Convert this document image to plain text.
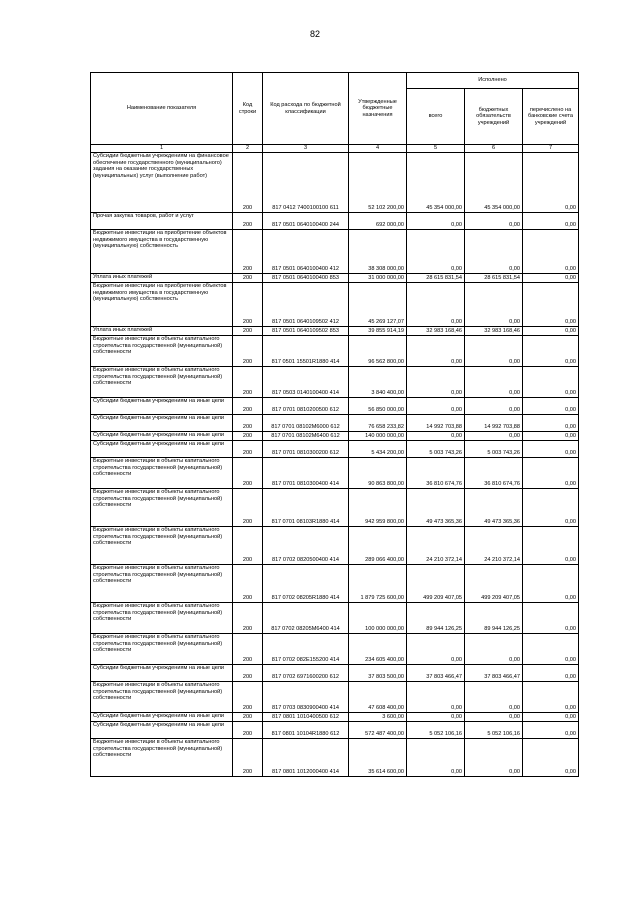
82
Наименование показателя	Код строки	Код расхода по бюджетной классификации	Утвержденные бюджетные назначения	Исполнено		
				всего	бюджетных обязательств учреждений	перечислено на банковские счета учреждений
1	2	3	4	5	6	7
Субсидии бюджетным учреждениям на финансовое обеспечение государственного (муниципального) задания на оказание государственных (муниципальных) услуг (выполнение работ)	200	817 0412 7400100100 611	52 102 200,00	45 354 000,00	45 354 000,00	0,00
Прочая закупка товаров, работ и услуг	200	817 0501 0640100400 244	692 000,00	0,00	0,00	0,00
Бюджетные инвестиции на приобретение объектов недвижимого имущества в государственную (муниципальную) собственность	200	817 0501 0640100400 412	38 308 000,00	0,00	0,00	0,00
Уплата иных платежей	200	817 0501 0640100400 853	31 000 000,00	28 615 831,54	28 615 831,54	0,00
Бюджетные инвестиции на приобретение объектов недвижимого имущества в государственную (муниципальную) собственность	200	817 0501 0640109502 412	45 269 127,07	0,00	0,00	0,00
Уплата иных платежей	200	817 0501 0640109502 853	39 855 914,19	32 983 168,46	32 983 168,46	0,00
Бюджетные инвестиции в объекты капитального строительства государственной (муниципальной) собственности	200	817 0501 15501R1880 414	96 562 800,00	0,00	0,00	0,00
Бюджетные инвестиции в объекты капитального строительства государственной (муниципальной) собственности	200	817 0503 0140100400 414	3 840 400,00	0,00	0,00	0,00
Субсидии бюджетным учреждениям на иные цели	200	817 0701 0810200500 612	56 850 000,00	0,00	0,00	0,00
Субсидии бюджетным учреждениям на иные цели	200	817 0701 08102M6000 612	76 658 233,82	14 992 703,88	14 992 703,88	0,00
Субсидии бюджетным учреждениям на иные цели	200	817 0701 08102M6400 612	140 000 000,00	0,00	0,00	0,00
Субсидии бюджетным учреждениям на иные цели	200	817 0701 0810300200 612	5 434 200,00	5 003 743,26	5 003 743,26	0,00
Бюджетные инвестиции в объекты капитального строительства государственной (муниципальной) собственности	200	817 0701 0810300400 414	90 863 800,00	36 810 674,76	36 810 674,76	0,00
Бюджетные инвестиции в объекты капитального строительства государственной (муниципальной) собственности	200	817 0701 08103R1880 414	942 959 800,00	49 473 365,36	49 473 365,36	0,00
Бюджетные инвестиции в объекты капитального строительства государственной (муниципальной) собственности	200	817 0702 0820500400 414	289 066 400,00	24 210 372,14	24 210 372,14	0,00
Бюджетные инвестиции в объекты капитального строительства государственной (муниципальной) собственности	200	817 0702 08205R1880 414	1 879 725 600,00	499 209 407,05	499 209 407,05	0,00
Бюджетные инвестиции в объекты капитального строительства государственной (муниципальной) собственности	200	817 0702 08205M6400 414	100 000 000,00	89 944 126,25	89 944 126,25	0,00
Бюджетные инвестиции в объекты капитального строительства государственной (муниципальной) собственности	200	817 0702 082E155200 414	234 605 400,00	0,00	0,00	0,00
Субсидии бюджетным учреждениям на иные цели	200	817 0702 6971600200 612	37 803 500,00	37 803 466,47	37 803 466,47	0,00
Бюджетные инвестиции в объекты капитального строительства государственной (муниципальной) собственности	200	817 0703 0830900400 414	47 608 400,00	0,00	0,00	0,00
Субсидии бюджетным учреждениям на иные цели	200	817 0801 1010400500 612	3 600,00	0,00	0,00	0,00
Субсидии бюджетным учреждениям на иные цели	200	817 0801 10104R1880 612	572 487 400,00	5 052 106,16	5 052 106,16	0,00
Бюджетные инвестиции в объекты капитального строительства государственной (муниципальной) собственности	200	817 0801 1012000400 414	35 614 600,00	0,00	0,00	0,00
